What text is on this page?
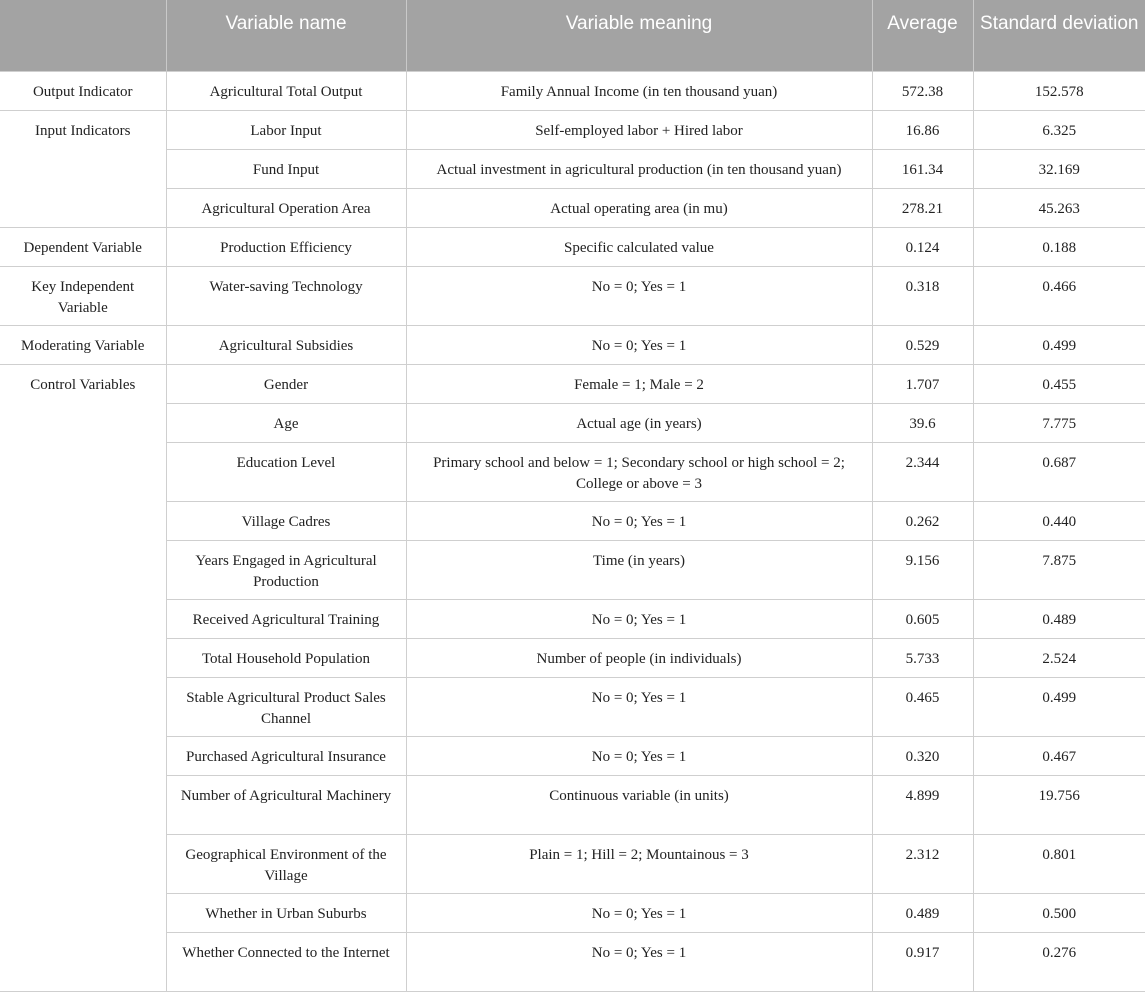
	Variable name	Variable meaning	Average	Standard deviation
Output Indicator	Agricultural Total Output	Family Annual Income (in ten thousand yuan)	572.38	152.578
Input Indicators	Labor Input	Self-employed labor + Hired labor	16.86	6.325
	Fund Input	Actual investment in agricultural production (in ten thousand yuan)	161.34	32.169
	Agricultural Operation Area	Actual operating area (in mu)	278.21	45.263
Dependent Variable	Production Efficiency	Specific calculated value	0.124	0.188
Key Independent Variable	Water-saving Technology	No = 0; Yes = 1	0.318	0.466
Moderating Variable	Agricultural Subsidies	No = 0; Yes = 1	0.529	0.499
Control Variables	Gender	Female = 1; Male = 2	1.707	0.455
	Age	Actual age (in years)	39.6	7.775
	Education Level	Primary school and below = 1; Secondary school or high school = 2; College or above = 3	2.344	0.687
	Village Cadres	No = 0; Yes = 1	0.262	0.440
	Years Engaged in Agricultural Production	Time (in years)	9.156	7.875
	Received Agricultural Training	No = 0; Yes = 1	0.605	0.489
	Total Household Population	Number of people (in individuals)	5.733	2.524
	Stable Agricultural Product Sales Channel	No = 0; Yes = 1	0.465	0.499
	Purchased Agricultural Insurance	No = 0; Yes = 1	0.320	0.467
	Number of Agricultural Machinery	Continuous variable (in units)	4.899	19.756
	Geographical Environment of the Village	Plain = 1; Hill = 2; Mountainous = 3	2.312	0.801
	Whether in Urban Suburbs	No = 0; Yes = 1	0.489	0.500
	Whether Connected to the Internet	No = 0; Yes = 1	0.917	0.276
